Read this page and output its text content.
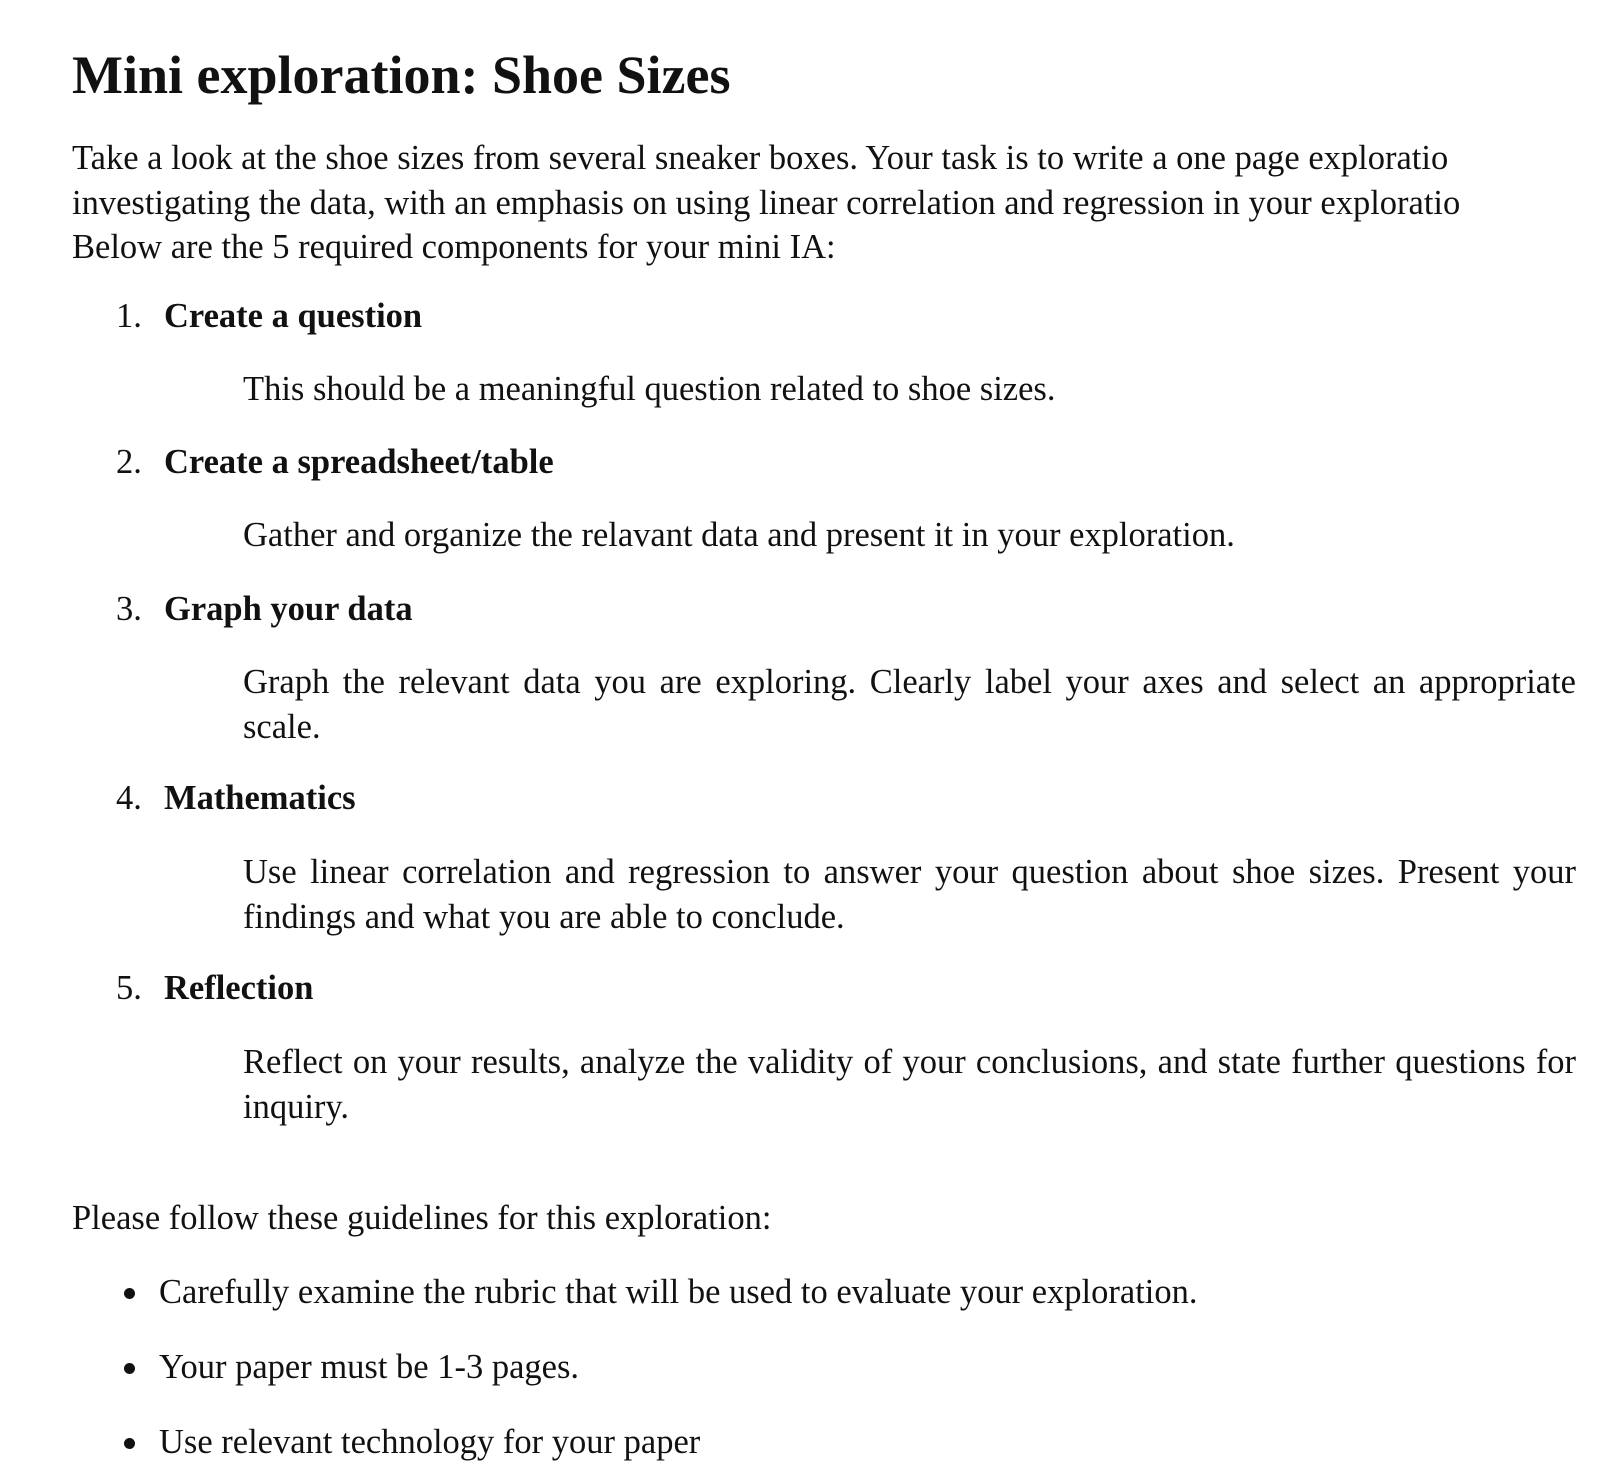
Mini exploration: Shoe Sizes

Take a look at the shoe sizes from several sneaker boxes. Your task is to write a one page exploratio
investigating the data, with an emphasis on using linear correlation and regression in your exploratio
Below are the 5 required components for your mini IA:

1. Create a question

This should be a meaningful question related to shoe sizes.

2. Create a spreadsheet/table

Gather and organize the relavant data and present it in your exploration.

3. Graph your data

Graph the relevant data you are exploring. Clearly label your axes and select an appropriate scale.

4. Mathematics

Use linear correlation and regression to answer your question about shoe sizes. Present your findings and what you are able to conclude.

5. Reflection

Reflect on your results, analyze the validity of your conclusions, and state further questions for inquiry.

Please follow these guidelines for this exploration:

Carefully examine the rubric that will be used to evaluate your exploration.
Your paper must be 1-3 pages.
Use relevant technology for your paper
